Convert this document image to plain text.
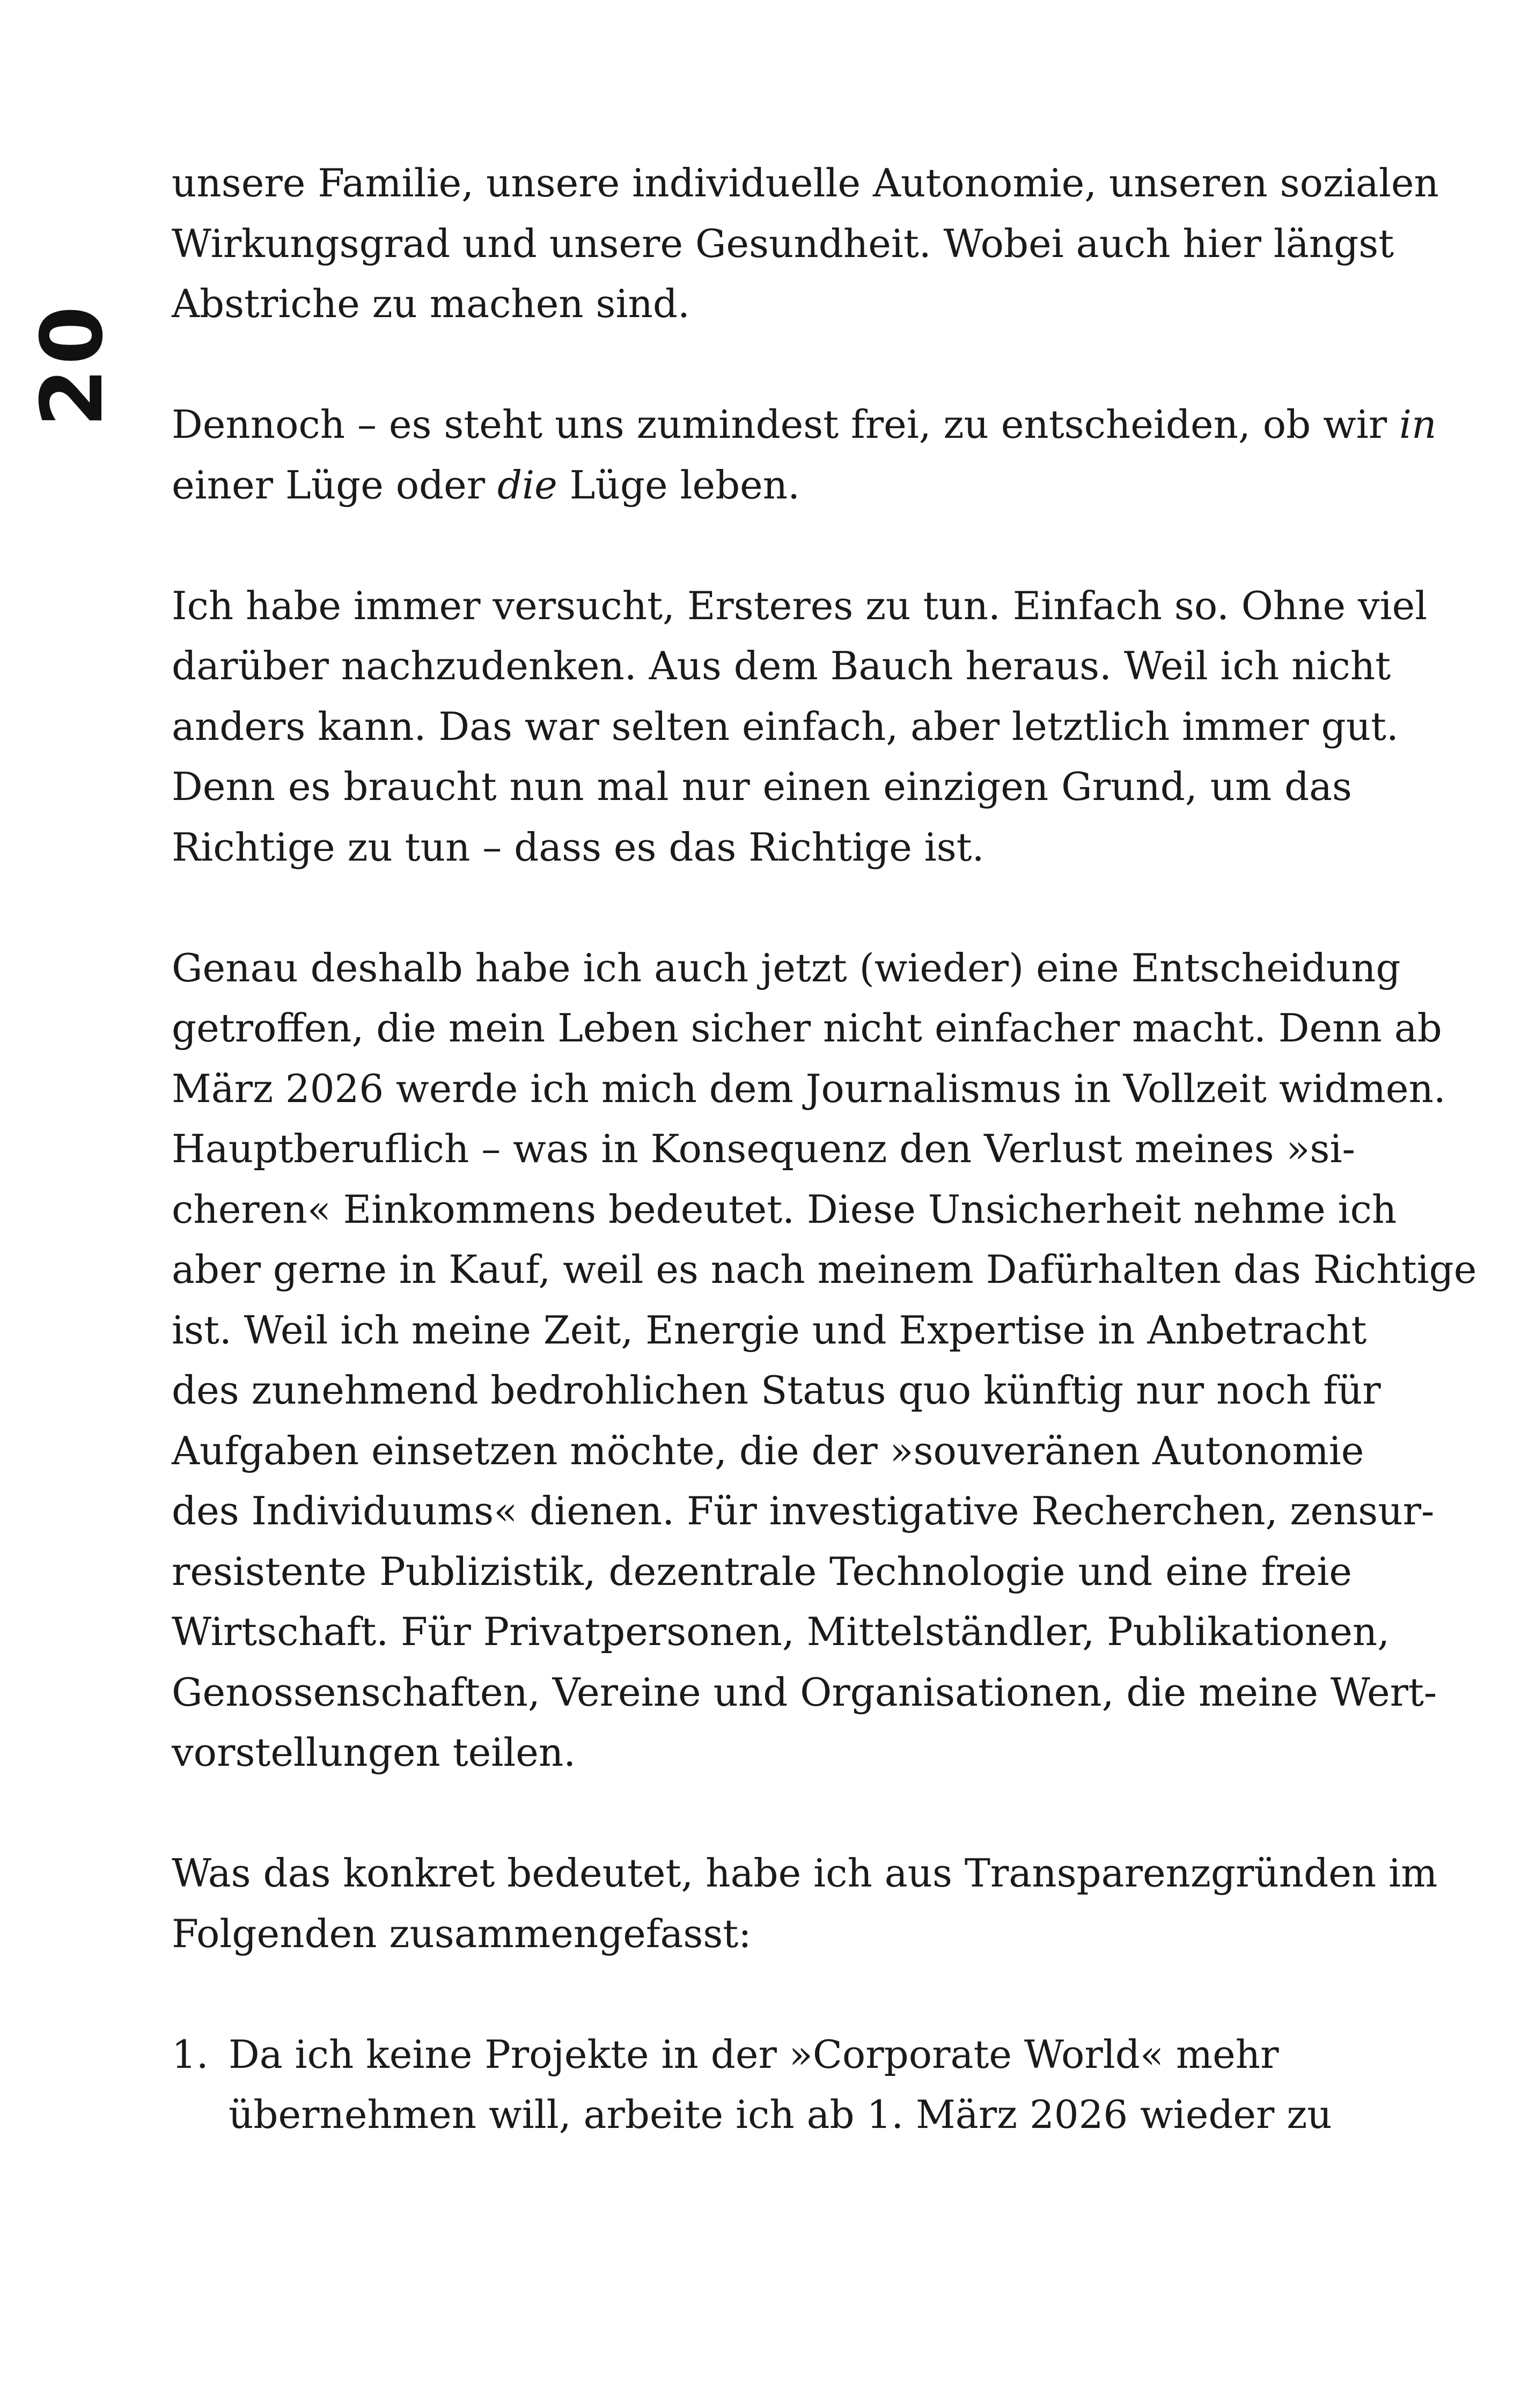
20

unsere Familie, unsere individuelle Autonomie, unseren sozialen
Wirkungsgrad und unsere Gesundheit. Wobei auch hier längst
Abstriche zu machen sind.

Dennoch – es steht uns zumindest frei, zu entscheiden, ob wir in
einer Lüge oder die Lüge leben.

Ich habe immer versucht, Ersteres zu tun. Einfach so. Ohne viel
darüber nachzudenken. Aus dem Bauch heraus. Weil ich nicht
anders kann. Das war selten einfach, aber letztlich immer gut.
Denn es braucht nun mal nur einen einzigen Grund, um das
Richtige zu tun – dass es das Richtige ist.

Genau deshalb habe ich auch jetzt (wieder) eine Entscheidung
getroffen, die mein Leben sicher nicht einfacher macht. Denn ab
März 2026 werde ich mich dem Journalismus in Vollzeit widmen.
Hauptberuflich – was in Konsequenz den Verlust meines »si-
cheren« Einkommens bedeutet. Diese Unsicherheit nehme ich
aber gerne in Kauf, weil es nach meinem Dafürhalten das Richtige
ist. Weil ich meine Zeit, Energie und Expertise in Anbetracht
des zunehmend bedrohlichen Status quo künftig nur noch für
Aufgaben einsetzen möchte, die der »souveränen Autonomie
des Individuums« dienen. Für investigative Recherchen, zensur-
resistente Publizistik, dezentrale Technologie und eine freie
Wirtschaft. Für Privatpersonen, Mittelständler, Publikationen,
Genossenschaften, Vereine und Organisationen, die meine Wert-
vorstellungen teilen.

Was das konkret bedeutet, habe ich aus Transparenzgründen im
Folgenden zusammengefasst:

1. Da ich keine Projekte in der »Corporate World« mehr
übernehmen will, arbeite ich ab 1. März 2026 wieder zu
